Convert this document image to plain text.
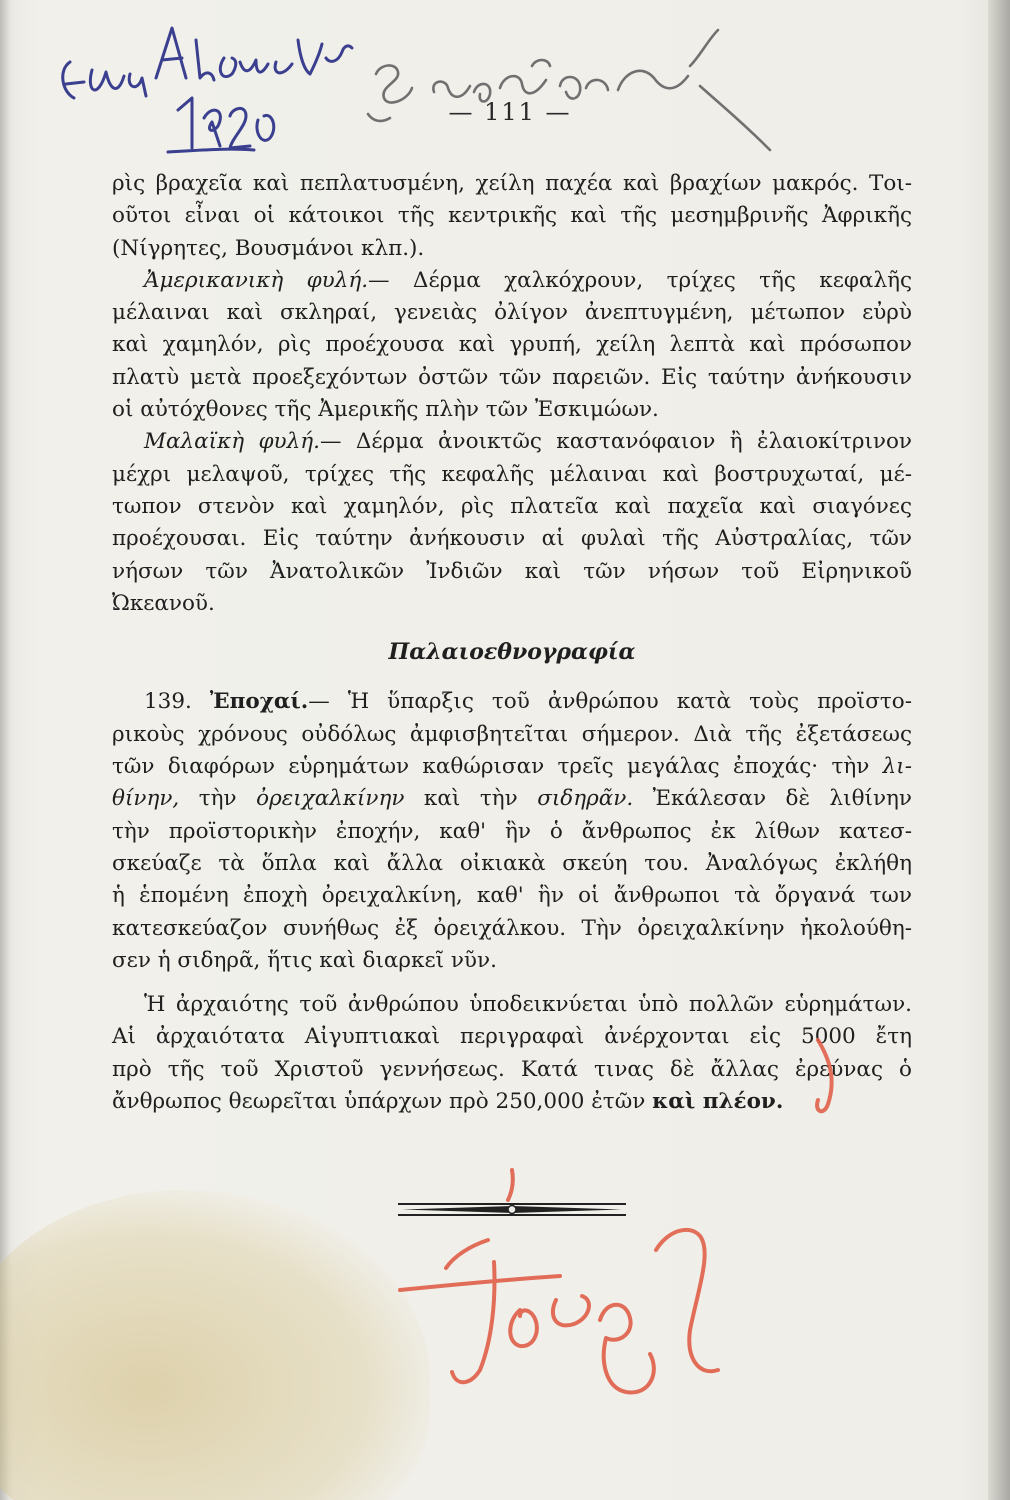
— 111 —
ρὶς βραχεῖα καὶ πεπλατυσμένη, χείλη παχέα καὶ βραχίων μακρός. Τοι-
οῦτοι εἶναι οἱ κάτοικοι τῆς κεντρικῆς καὶ τῆς μεσημβρινῆς Ἀφρικῆς
(Νίγρητες, Βουσμάνοι κλπ.).
Ἀμερικανικὴ φυλή.— Δέρμα χαλκόχρουν, τρίχες τῆς κεφαλῆς
μέλαιναι καὶ σκληραί, γενειὰς ὀλίγον ἀνεπτυγμένη, μέτωπον εὐρὺ
καὶ χαμηλόν, ρὶς προέχουσα καὶ γρυπή, χείλη λεπτὰ καὶ πρόσωπον
πλατὺ μετὰ προεξεχόντων ὀστῶν τῶν παρειῶν. Εἰς ταύτην ἀνήκουσιν
οἱ αὐτόχθονες τῆς Ἀμερικῆς πλὴν τῶν Ἐσκιμώων.
Μαλαϊκὴ φυλή.— Δέρμα ἀνοικτῶς καστανόφαιον ἢ ἐλαιοκίτρινον
μέχρι μελαψοῦ, τρίχες τῆς κεφαλῆς μέλαιναι καὶ βοστρυχωταί, μέ-
τωπον στενὸν καὶ χαμηλόν, ρὶς πλατεῖα καὶ παχεῖα καὶ σιαγόνες
προέχουσαι. Εἰς ταύτην ἀνήκουσιν αἱ φυλαὶ τῆς Αὐστραλίας, τῶν
νήσων τῶν Ἀνατολικῶν Ἰνδιῶν καὶ τῶν νήσων τοῦ Εἰρηνικοῦ
Ὠκεανοῦ.
Παλαιοεθνογραφία
139. Ἐποχαί.— Ἡ ὕπαρξις τοῦ ἀνθρώπου κατὰ τοὺς προϊστο-
ρικοὺς χρόνους οὐδόλως ἀμφισβητεῖται σήμερον. Διὰ τῆς ἐξετάσεως
τῶν διαφόρων εὑρημάτων καθώρισαν τρεῖς μεγάλας ἐποχάς· τὴν λι-
θίνην, τὴν ὀρειχαλκίνην καὶ τὴν σιδηρᾶν. Ἐκάλεσαν δὲ λιθίνην
τὴν προϊστορικὴν ἐποχήν, καθ' ἣν ὁ ἄνθρωπος ἐκ λίθων κατεσ-
σκεύαζε τὰ ὅπλα καὶ ἄλλα οἰκιακὰ σκεύη του. Ἀναλόγως ἐκλήθη
ἡ ἑπομένη ἐποχὴ ὀρειχαλκίνη, καθ' ἣν οἱ ἄνθρωποι τὰ ὄργανά των
κατεσκεύαζον συνήθως ἐξ ὀρειχάλκου. Τὴν ὀρειχαλκίνην ἠκολούθη-
σεν ἡ σιδηρᾶ, ἥτις καὶ διαρκεῖ νῦν.
Ἡ ἀρχαιότης τοῦ ἀνθρώπου ὑποδεικνύεται ὑπὸ πολλῶν εὑρημάτων.
Αἱ ἀρχαιότατα Αἰγυπτιακαὶ περιγραφαὶ ἀνέρχονται εἰς 5000 ἔτη
πρὸ τῆς τοῦ Χριστοῦ γεννήσεως. Κατά τινας δὲ ἄλλας ἐρεύνας ὁ
ἄνθρωπος θεωρεῖται ὑπάρχων πρὸ 250,000 ἐτῶν καὶ πλέον.
